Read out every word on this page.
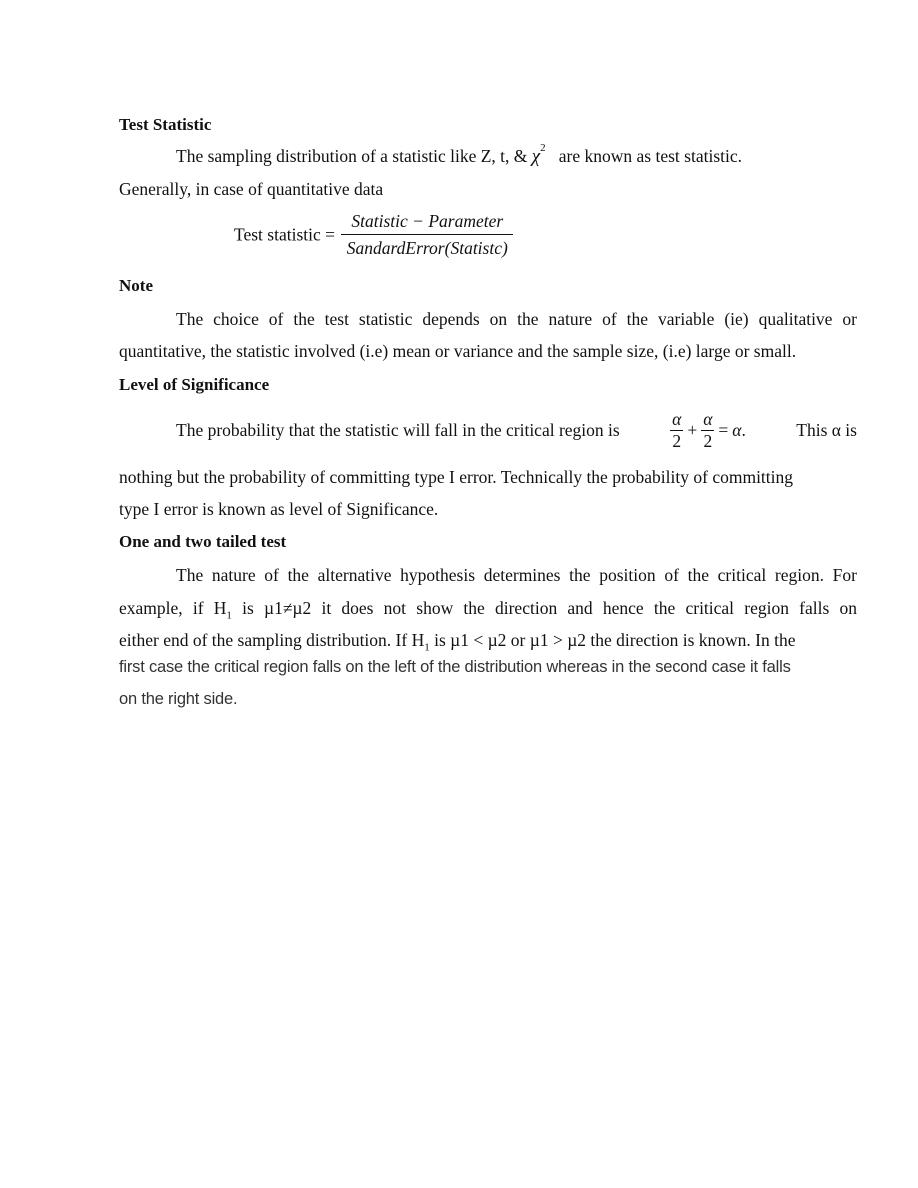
Test Statistic
The sampling distribution of a statistic like Z, t, & $\chi^2$ are known as test statistic.
Generally, in case of quantitative data
Test statistic = $\frac{\text{Statistic − Parameter}}{\text{SandardError(Statistc)}}$
Note
The choice of the test statistic depends on the nature of the variable (ie) qualitative or
quantitative, the statistic involved (i.e) mean or variance and the sample size, (i.e) large or small.
Level of Significance
The probability that the statistic will fall in the critical region is	$\frac{\alpha}{2} + \frac{\alpha}{2} = \alpha$ .	This α is
nothing but the probability of committing type I error. Technically the probability of committing
type I error is known as level of Significance.
One and two tailed test
The nature of the alternative hypothesis determines the position of the critical region. For
example, if $H_1$ is µ1≠µ2 it does not show the direction and hence the critical region falls on
either end of the sampling distribution. If $H_1$ is µ1 < µ2 or µ1 > µ2 the direction is known. In the
first case the critical region falls on the left of the distribution whereas in the second case it falls
on the right side.
